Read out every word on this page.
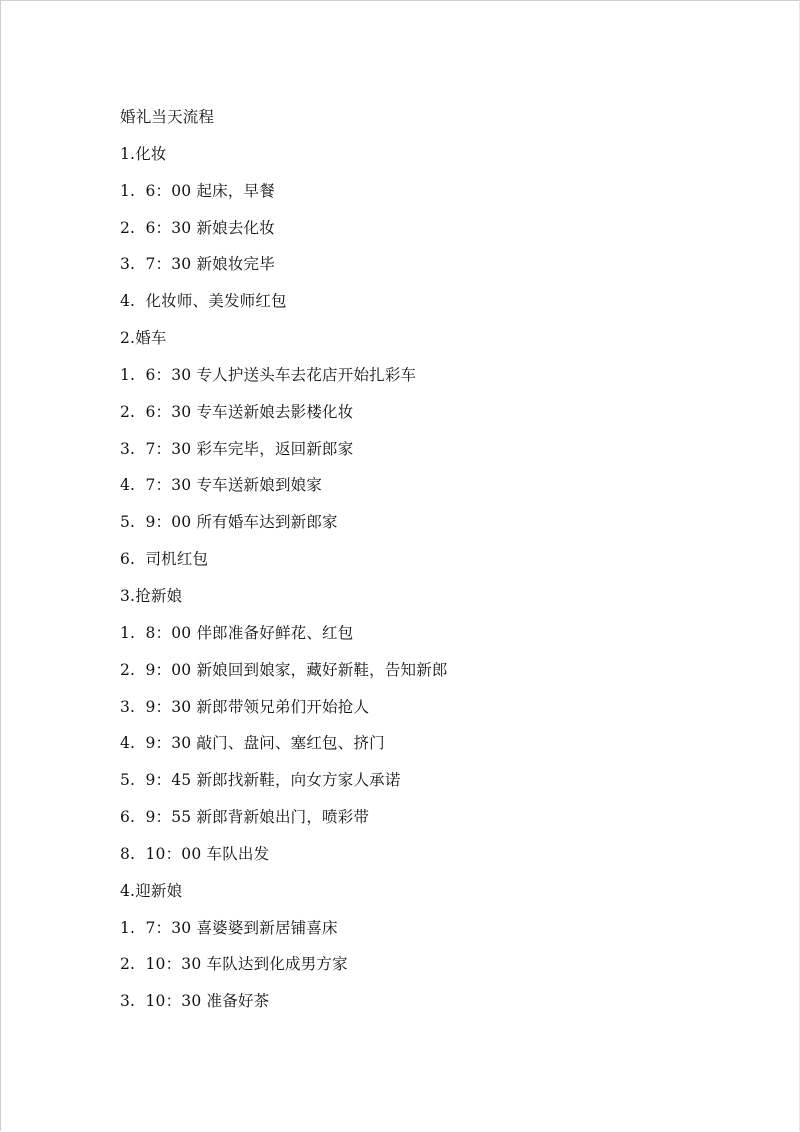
婚礼当天流程
1.化妆
1.  6：00 起床，早餐
2.  6：30 新娘去化妆
3.  7：30 新娘妆完毕
4.  化妆师、美发师红包
2.婚车
1.  6：30 专人护送头车去花店开始扎彩车
2.  6：30 专车送新娘去影楼化妆
3.  7：30 彩车完毕，返回新郎家
4.  7：30 专车送新娘到娘家
5.  9：00 所有婚车达到新郎家
6.  司机红包
3.抢新娘
1.  8：00 伴郎准备好鲜花、红包
2.  9：00 新娘回到娘家，藏好新鞋，告知新郎
3.  9：30 新郎带领兄弟们开始抢人
4.  9：30 敲门、盘问、塞红包、挤门
5.  9：45 新郎找新鞋，向女方家人承诺
6.  9：55 新郎背新娘出门，喷彩带
8.  10：00 车队出发
4.迎新娘
1.  7：30 喜婆婆到新居铺喜床
2.  10：30 车队达到化成男方家
3.  10：30 准备好茶
